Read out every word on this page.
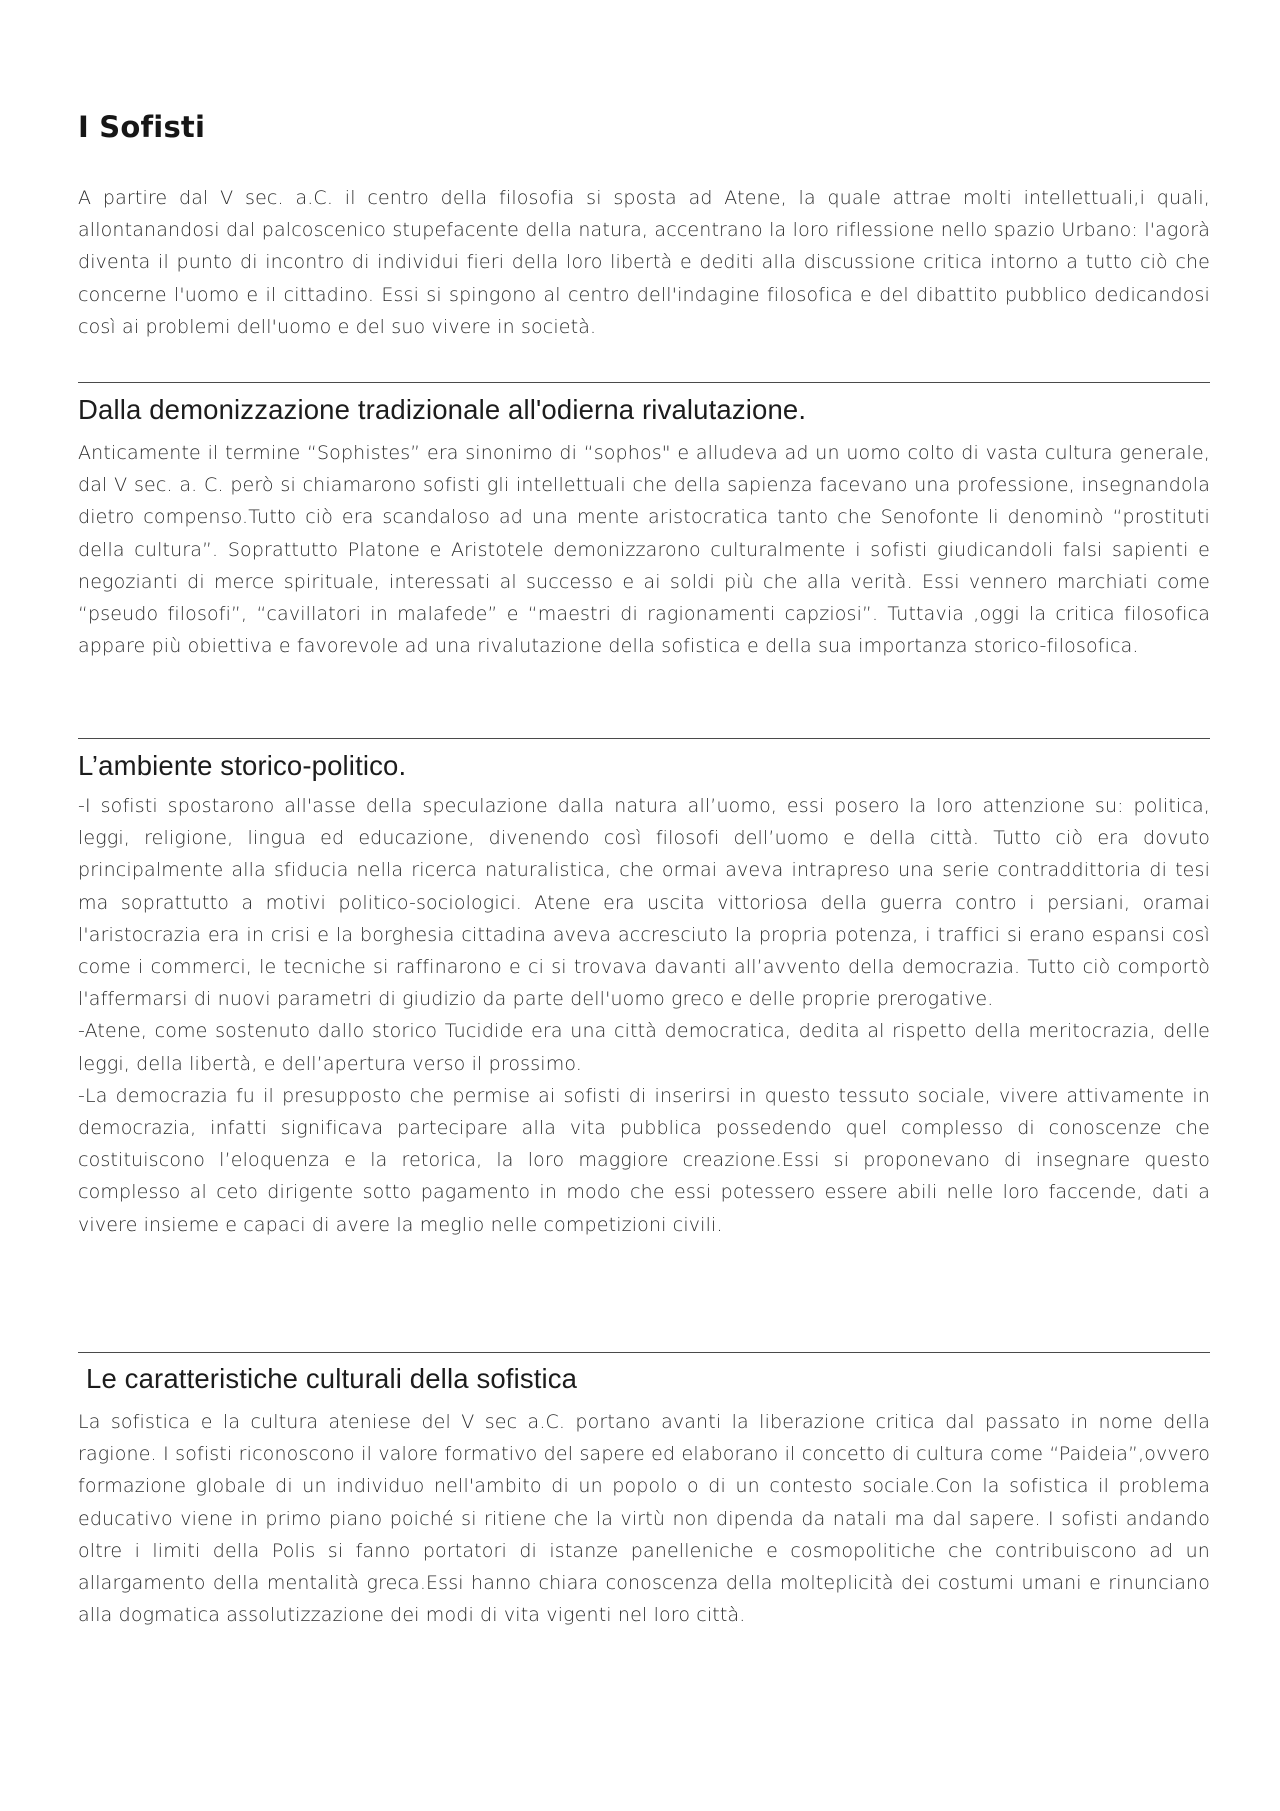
I Sofisti

A partire dal V sec. a.C. il centro della filosofia si sposta ad Atene, la quale attrae molti intellettuali,i quali, allontanandosi dal palcoscenico stupefacente della natura, accentrano la loro riflessione nello spazio Urbano: l'agorà diventa il punto di incontro di individui fieri della loro libertà e dediti alla discussione critica intorno a tutto ciò che concerne l'uomo e il cittadino. Essi si spingono al centro dell'indagine filosofica e del dibattito pubblico dedicandosi così ai problemi dell'uomo e del suo vivere in società.

Dalla demonizzazione tradizionale all'odierna rivalutazione.

Anticamente il termine “Sophistes” era sinonimo di “sophos" e alludeva ad un uomo colto di vasta cultura generale, dal V sec. a. C. però si chiamarono sofisti gli intellettuali che della sapienza facevano una professione, insegnandola dietro compenso.Tutto ciò era scandaloso ad una mente aristocratica tanto che Senofonte li denominò “prostituti della cultura”. Soprattutto Platone e Aristotele demonizzarono culturalmente i sofisti giudicandoli falsi sapienti e negozianti di merce spirituale, interessati al successo e ai soldi più che alla verità. Essi vennero marchiati come “pseudo filosofi”, “cavillatori in malafede” e “maestri di ragionamenti capziosi”. Tuttavia ,oggi la critica filosofica appare più obiettiva e favorevole ad una rivalutazione della sofistica e della sua importanza storico-filosofica.

L’ambiente storico-politico.

-I sofisti spostarono all'asse della speculazione dalla natura all’uomo, essi posero la loro attenzione su: politica, leggi, religione, lingua ed educazione, divenendo così filosofi dell’uomo e della città. Tutto ciò era dovuto principalmente alla sfiducia nella ricerca naturalistica, che ormai aveva intrapreso una serie contraddittoria di tesi ma soprattutto a motivi politico-sociologici. Atene era uscita vittoriosa della guerra contro i persiani, oramai l'aristocrazia era in crisi e la borghesia cittadina aveva accresciuto la propria potenza, i traffici si erano espansi così come i commerci, le tecniche si raffinarono e ci si trovava davanti all’avvento della democrazia. Tutto ciò comportò l'affermarsi di nuovi parametri di giudizio da parte dell'uomo greco e delle proprie prerogative.

-Atene, come sostenuto dallo storico Tucidide era una città democratica, dedita al rispetto della meritocrazia, delle leggi, della libertà, e dell’apertura verso il prossimo.

-La democrazia fu il presupposto che permise ai sofisti di inserirsi in questo tessuto sociale, vivere attivamente in democrazia, infatti significava partecipare alla vita pubblica possedendo quel complesso di conoscenze che costituiscono l’eloquenza e la retorica, la loro maggiore creazione.Essi si proponevano di insegnare questo complesso al ceto dirigente sotto pagamento in modo che essi potessero essere abili nelle loro faccende, dati a vivere insieme e capaci di avere la meglio nelle competizioni civili.

Le caratteristiche culturali della sofistica

La sofistica e la cultura ateniese del V sec a.C. portano avanti la liberazione critica dal passato in nome della ragione. I sofisti riconoscono il valore formativo del sapere ed elaborano il concetto di cultura come “Paideia”,ovvero formazione globale di un individuo nell'ambito di un popolo o di un contesto sociale.Con la sofistica il problema educativo viene in primo piano poiché si ritiene che la virtù non dipenda da natali ma dal sapere. I sofisti andando oltre i limiti della Polis si fanno portatori di istanze panelleniche e cosmopolitiche che contribuiscono ad un allargamento della mentalità greca.Essi hanno chiara conoscenza della molteplicità dei costumi umani e rinunciano alla dogmatica assolutizzazione dei modi di vita vigenti nel loro città.
